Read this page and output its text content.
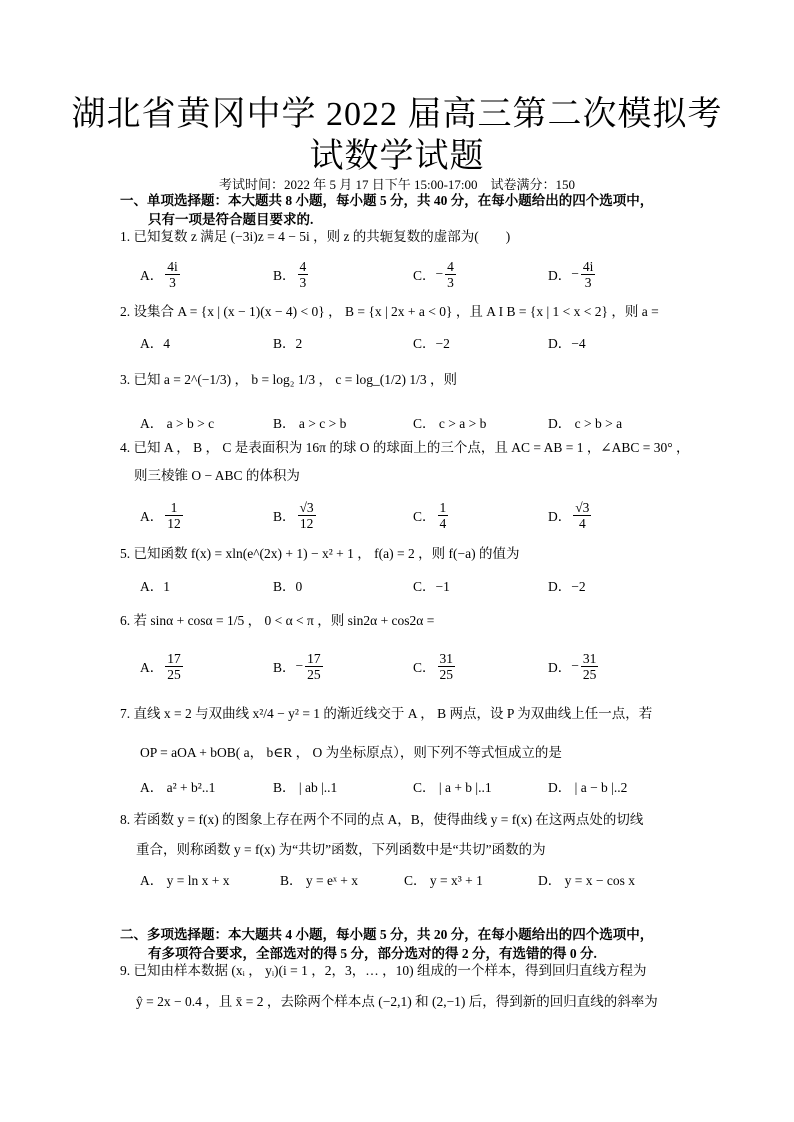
湖北省黄冈中学 2022 届高三第二次模拟考
试数学试题
考试时间：2022 年 5 月 17 日下午 15:00-17:00　试卷满分：150
一、单项选择题：本大题共 8 小题，每小题 5 分，共 40 分，在每小题给出的四个选项中，
只有一项是符合题目要求的.
1. 已知复数 z 满足 (−3i)z = 4 − 5i ，则 z 的共轭复数的虚部为(　　)
A． $\frac{4i}{3}$	B． $\frac{4}{3}$	C． − $\frac{4}{3}$	D． − $\frac{4i}{3}$
2. 设集合 A = {x | (x − 1)(x − 4) < 0} ， B = {x | 2x + a < 0} ，且 A I B = {x | 1 < x < 2} ，则 a =
A．4	B．2	C．−2	D．−4
3. 已知 a = 2^(−1/3) ， b = log₂ 1/3 ， c = log_(1/2) 1/3 ，则
A． a > b > c	B． a > c > b	C． c > a > b	D． c > b > a
4. 已知 A ， B ， C 是表面积为 16π 的球 O 的球面上的三个点，且 AC = AB = 1 ，∠ABC = 30° ，
则三棱锥 O − ABC 的体积为
A． $\frac{1}{12}$	B． $\frac{√3}{12}$	C． $\frac{1}{4}$	D． $\frac{√3}{4}$
5. 已知函数 f(x) = xln(e^(2x) + 1) − x² + 1 ， f(a) = 2 ，则 f(−a) 的值为
A．1	B．0	C．−1	D．−2
6. 若 sinα + cosα = 1/5 ， 0 < α < π ，则 sin2α + cos2α =
A． $\frac{17}{25}$	B． − $\frac{17}{25}$	C． $\frac{31}{25}$	D． − $\frac{31}{25}$
7. 直线 x = 2 与双曲线 x²/4 − y² = 1 的渐近线交于 A ， B 两点，设 P 为双曲线上任一点，若
OP = aOA + bOB( a， b∈R ， O 为坐标原点），则下列不等式恒成立的是
A． a² + b²..1	B． | ab |..1	C． | a + b |..1	D． | a − b |..2
8. 若函数 y = f(x) 的图象上存在两个不同的点 A，B，使得曲线 y = f(x) 在这两点处的切线
重合，则称函数 y = f(x) 为“共切”函数，下列函数中是“共切”函数的为
A． y = ln x + x	B． y = eˣ + x	C． y = x³ + 1	D． y = x − cos x
二、多项选择题：本大题共 4 小题，每小题 5 分，共 20 分，在每小题给出的四个选项中，
有多项符合要求，全部选对的得 5 分，部分选对的得 2 分，有选错的得 0 分.
9. 已知由样本数据 (xᵢ ， yᵢ)(i = 1 ，2，3，… ，10) 组成的一个样本，得到回归直线方程为
ŷ = 2x − 0.4 ，且 x̄ = 2 ，去除两个样本点 (−2,1) 和 (2,−1) 后，得到新的回归直线的斜率为
